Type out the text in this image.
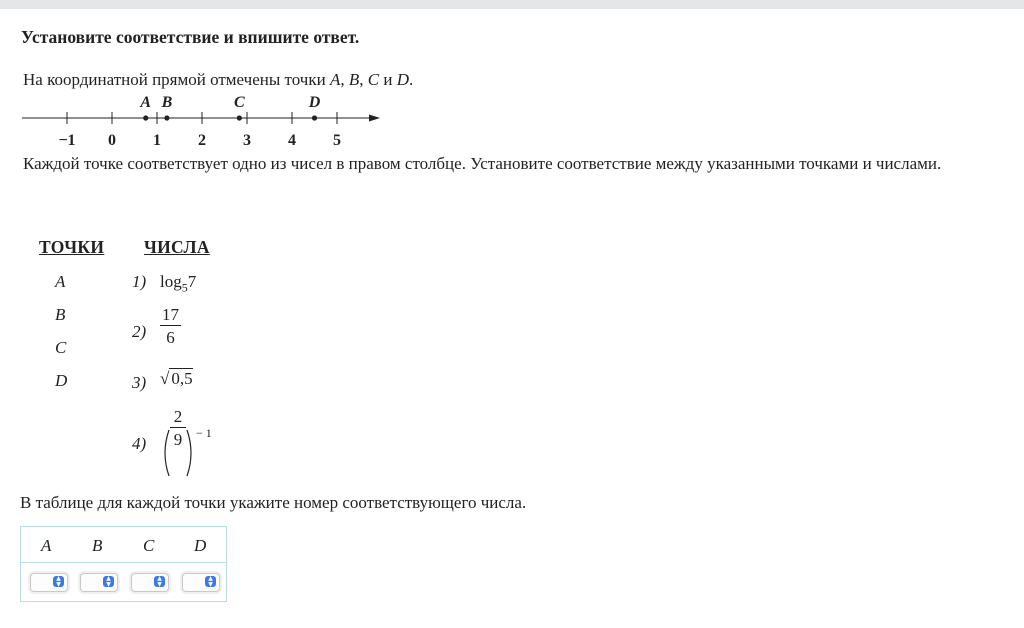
Установите соответствие и впишите ответ.
На координатной прямой отмечены точки A, B, C и D.
−1 0 1 2 3 4 5
A B	C	D
Каждой точке соответствует одно из чисел в правом столбце. Установите соответствие между указанными точками и числами.
ТОЧКИ ЧИСЛА
A
B
C
D
1) $\log_57$
$2) \frac{17}{6}$
3) √ 0,5
$4) \frac{2}{9} - 1$
В таблице для каждой точки укажите номер соответствующего числа.
A B C D
▲
▼
▲
▼
▲
▼
▲
▼
